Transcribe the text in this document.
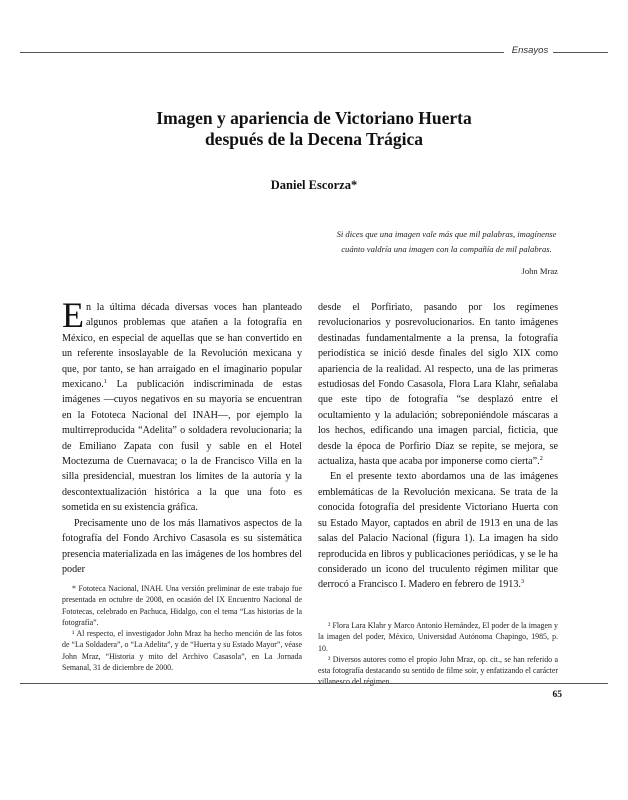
Ensayos
Imagen y apariencia de Victoriano Huerta
después de la Decena Trágica
Daniel Escorza*
Si dices que una imagen vale más que mil palabras, imagínense cuánto valdría una imagen con la compañía de mil palabras.
John Mraz

En la última década diversas voces han planteado algunos problemas que atañen a la fotografía en México, en especial de aquellas que se han convertido en un referente insoslayable de la Revolución mexicana y que, por tanto, se han arraigado en el imaginario popular mexicano.$^1$ La publicación indiscriminada de estas imágenes —cuyos negativos en su mayoría se encuentran en la Fototeca Nacional del INAH—, por ejemplo la multirreproducida “Adelita” o soldadera revolucionaria; la de Emiliano Zapata con fusil y sable en el Hotel Moctezuma de Cuernavaca; o la de Francisco Villa en la silla presidencial, muestran los límites de la autoría y la descontextualización histórica a la que una foto es sometida en su existencia gráfica.

Precisamente uno de los más llamativos aspectos de la fotografía del Fondo Archivo Casasola es su sistemática presencia materializada en las imágenes de los hombres del poder

desde el Porfiriato, pasando por los regímenes revolucionarios y posrevolucionarios. En tanto imágenes destinadas fundamentalmente a la prensa, la fotografía periodística se inició desde finales del siglo XIX como apariencia de la realidad. Al respecto, una de las primeras estudiosas del Fondo Casasola, Flora Lara Klahr, señalaba que este tipo de fotografía “se desplazó entre el ocultamiento y la adulación; sobreponiéndole máscaras a los hechos, edificando una imagen parcial, ficticia, que desde la época de Porfirio Díaz se repite, se mejora, se actualiza, hasta que acaba por imponerse como cierta”.$^2$

En el presente texto abordamos una de las imágenes emblemáticas de la Revolución mexicana. Se trata de la conocida fotografía del presidente Victoriano Huerta con su Estado Mayor, captados en abril de 1913 en una de las salas del Palacio Nacional (figura 1). La imagen ha sido reproducida en libros y publicaciones periódicas, y se le ha considerado un icono del truculento régimen militar que derrocó a Francisco I. Madero en febrero de 1913.$^3$

* Fototeca Nacional, INAH. Una versión preliminar de este trabajo fue presentada en octubre de 2008, en ocasión del IX Encuentro Nacional de Fototecas, celebrado en Pachuca, Hidalgo, con el tema “Las historias de la fotografía”.

¹ Al respecto, el investigador John Mraz ha hecho mención de las fotos de “La Soldadera”, o “La Adelita”, y de “Huerta y su Estado Mayor”, véase John Mraz, “Historia y mito del Archivo Casasola”, en La Jornada Semanal, 31 de diciembre de 2000.

² Flora Lara Klahr y Marco Antonio Hernández, El poder de la imagen y la imagen del poder, México, Universidad Autónoma Chapingo, 1985, p. 10.

³ Diversos autores como el propio John Mraz, op. cit., se han referido a esta fotografía destacando su sentido de filme soir, y enfatizando el carácter villanesco del régimen

65
